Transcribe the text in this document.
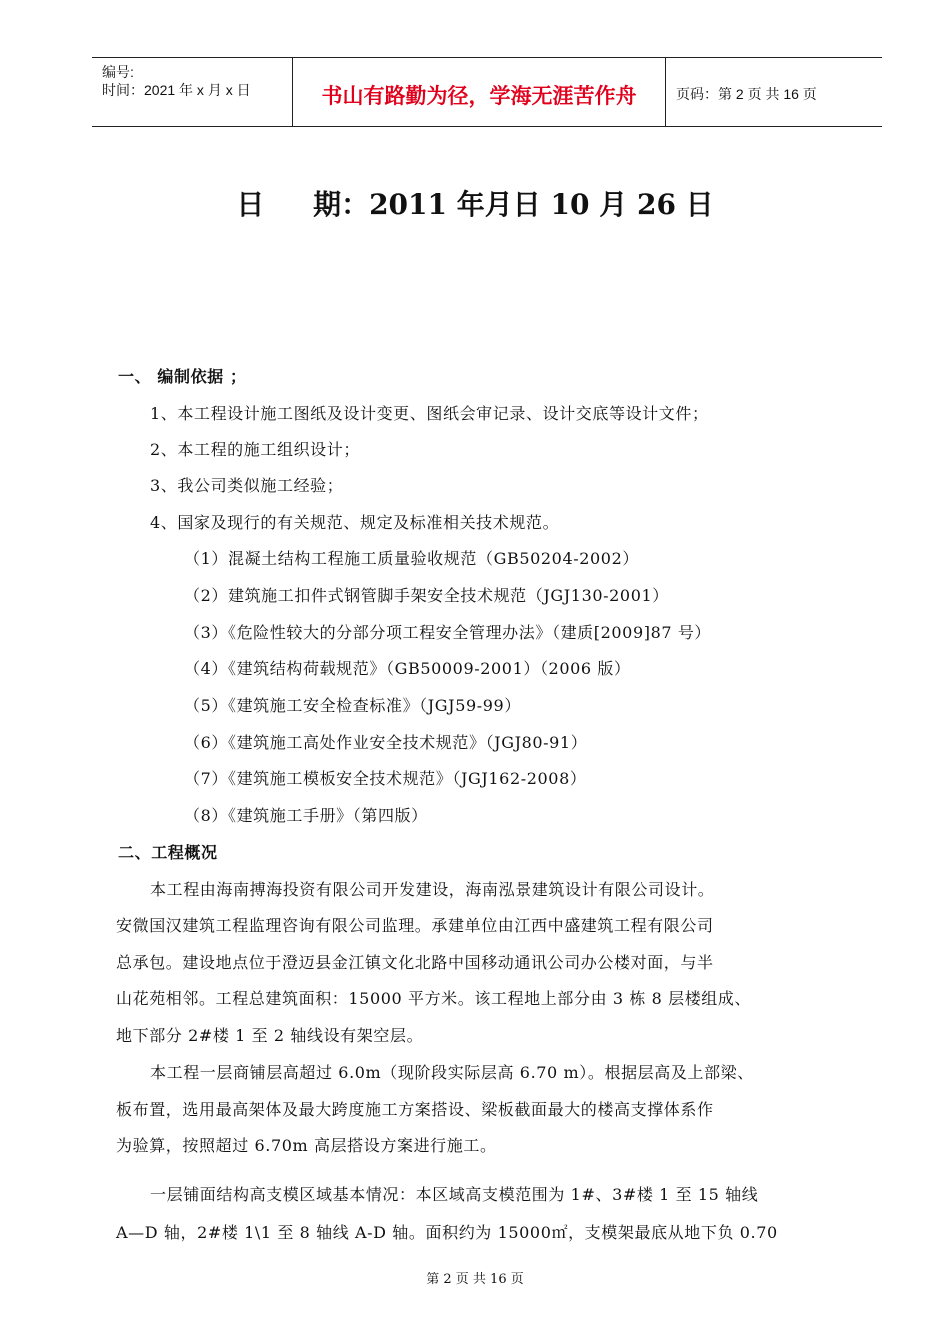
编号:
时间：2021 年 x 月 x 日	书山有路勤为径，学海无涯苦作舟	页码：第 2 页 共 16 页
日     期：2011 年月日 10 月 26 日
一、 编制依据 ；
1、本工程设计施工图纸及设计变更、图纸会审记录、设计交底等设计文件；
2、本工程的施工组织设计；
3、我公司类似施工经验；
4、国家及现行的有关规范、规定及标准相关技术规范。
（1）混凝土结构工程施工质量验收规范（GB50204-2002）
（2）建筑施工扣件式钢管脚手架安全技术规范（JGJ130-2001）
（3）《危险性较大的分部分项工程安全管理办法》（建质[2009]87 号）
（4）《建筑结构荷载规范》（GB50009-2001）（2006 版）
（5）《建筑施工安全检查标准》（JGJ59-99）
（6）《建筑施工高处作业安全技术规范》（JGJ80-91）
（7）《建筑施工模板安全技术规范》（JGJ162-2008）
（8）《建筑施工手册》（第四版）
二、工程概况
本工程由海南搏海投资有限公司开发建设，海南泓景建筑设计有限公司设计。
安微国汉建筑工程监理咨询有限公司监理。承建单位由江西中盛建筑工程有限公司
总承包。建设地点位于澄迈县金江镇文化北路中国移动通讯公司办公楼对面，与半
山花苑相邻。工程总建筑面积：15000 平方米。该工程地上部分由 3 栋 8 层楼组成、
地下部分 2#楼 1 至 2 轴线设有架空层。
本工程一层商铺层高超过 6.0m（现阶段实际层高 6.70 m）。根据层高及上部梁、
板布置，选用最高架体及最大跨度施工方案搭设、梁板截面最大的楼高支撑体系作
为验算，按照超过 6.70m 高层搭设方案进行施工。
一层铺面结构高支模区域基本情况：本区域高支模范围为 1#、3#楼 1 至 15 轴线
A—D 轴，2#楼 1\1 至 8 轴线 A-D 轴。面积约为 15000㎡，支模架最底从地下负 0.70
第 2 页 共 16 页
